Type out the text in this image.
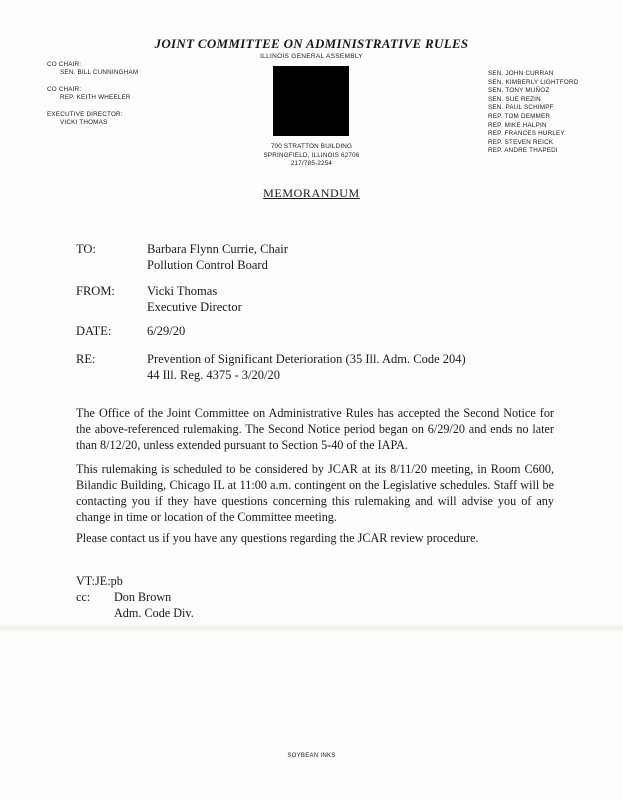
JOINT COMMITTEE ON ADMINISTRATIVE RULES
ILLINOIS GENERAL ASSEMBLY
CO CHAIR:
SEN. BILL CUNNINGHAM
CO CHAIR:
REP. KEITH WHEELER
EXECUTIVE DIRECTOR:
VICKI THOMAS
SEN. JOHN CURRAN
SEN. KIMBERLY LIGHTFORD
SEN. TONY MUÑOZ
SEN. SUE REZIN
SEN. PAUL SCHIMPF
REP. TOM DEMMER
REP. MIKE HALPIN
REP. FRANCES HURLEY
REP. STEVEN REICK
REP. ANDRE THAPEDI
700 STRATTON BUILDING
SPRINGFIELD, ILLINOIS 62706
217/785-2254
MEMORANDUM
TO:	Barbara Flynn Currie, Chair
Pollution Control Board
FROM:	Vicki Thomas
Executive Director
DATE:	6/29/20
RE:	Prevention of Significant Deterioration (35 Ill. Adm. Code 204)
44 Ill. Reg. 4375 - 3/20/20
The Office of the Joint Committee on Administrative Rules has accepted the Second Notice for the above-referenced rulemaking. The Second Notice period began on 6/29/20 and ends no later than 8/12/20, unless extended pursuant to Section 5-40 of the IAPA.
This rulemaking is scheduled to be considered by JCAR at its 8/11/20 meeting, in Room C600, Bilandic Building, Chicago IL at 11:00 a.m. contingent on the Legislative schedules. Staff will be contacting you if they have questions concerning this rulemaking and will advise you of any change in time or location of the Committee meeting.
Please contact us if you have any questions regarding the JCAR review procedure.
VT:JE:pb
cc: Don Brown
Adm. Code Div.
SOYBEAN INKS
